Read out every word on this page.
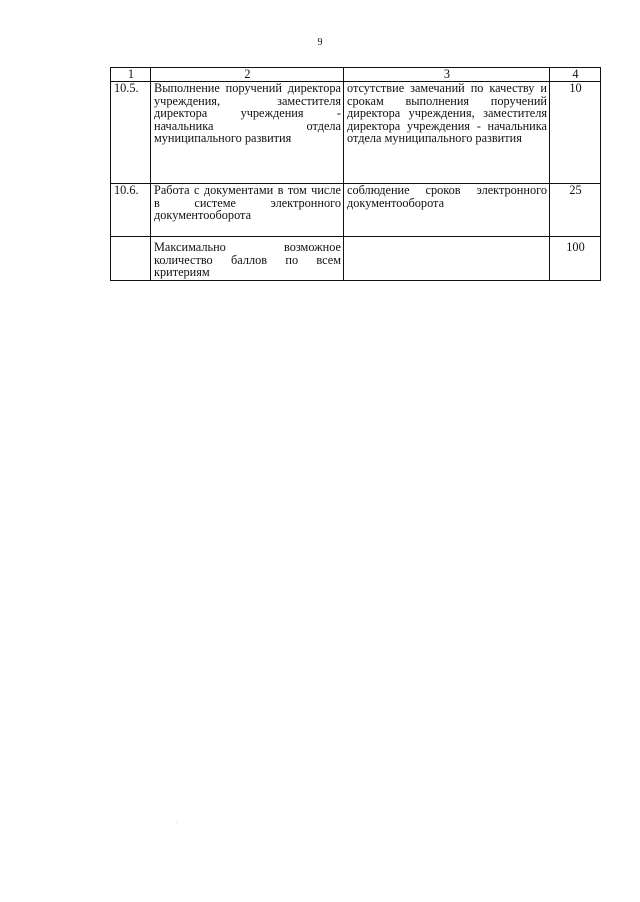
9
1	2	3	4
10.5.	Выполнение поручений директора учреждения, заместителя директора учреждения - начальника отдела муниципального развития	отсутствие замечаний по качеству и срокам выполнения поручений директора учреждения, заместителя директора учреждения - начальника отдела муниципального развития	10
10.6.	Работа с документами в том числе в системе электронного документооборота	соблюдение сроков электронного документооборота	25
	Максимально возможное количество баллов по всем критериям		100
